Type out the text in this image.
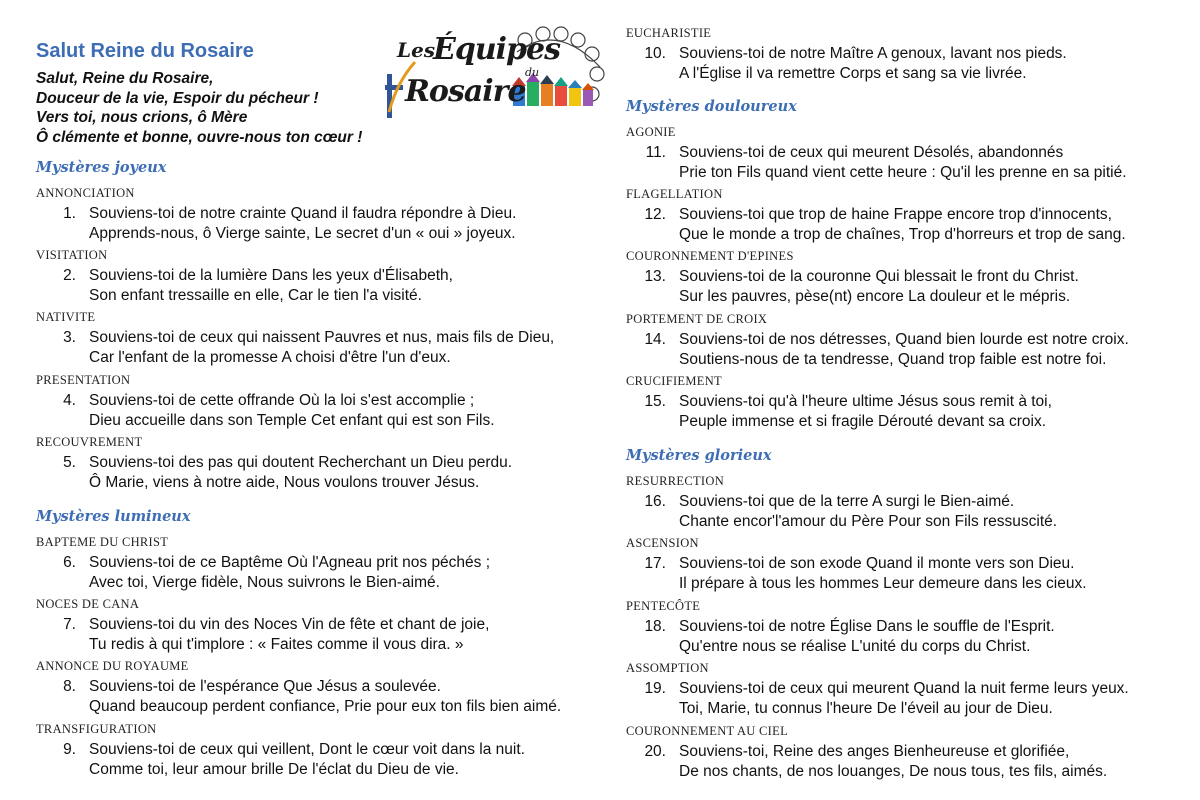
Salut Reine du Rosaire
Salut, Reine du Rosaire,
Douceur de la vie, Espoir du pécheur !
Vers toi, nous crions, ô Mère
Ô clémente et bonne, ouvre-nous ton cœur !
Les
Équipes
du
Rosaire
Mystères joyeux
ANNONCIATION
1. Souviens-toi de notre crainte Quand il faudra répondre à Dieu.
Apprends-nous, ô Vierge sainte, Le secret d'un « oui » joyeux.
VISITATION
2. Souviens-toi de la lumière Dans les yeux d'Élisabeth,
Son enfant tressaille en elle, Car le tien l'a visité.
NATIVITE
3. Souviens-toi de ceux qui naissent Pauvres et nus, mais fils de Dieu,
Car l'enfant de la promesse A choisi d'être l'un d'eux.
PRESENTATION
4. Souviens-toi de cette offrande Où la loi s'est accomplie ;
Dieu accueille dans son Temple Cet enfant qui est son Fils.
RECOUVREMENT
5. Souviens-toi des pas qui doutent Recherchant un Dieu perdu.
Ô Marie, viens à notre aide, Nous voulons trouver Jésus.
Mystères lumineux
BAPTEME DU CHRIST
6. Souviens-toi de ce Baptême Où l'Agneau prit nos péchés ;
Avec toi, Vierge fidèle, Nous suivrons le Bien-aimé.
NOCES DE CANA
7. Souviens-toi du vin des Noces Vin de fête et chant de joie,
Tu redis à qui t'implore : « Faites comme il vous dira. »
ANNONCE DU ROYAUME
8. Souviens-toi de l'espérance Que Jésus a soulevée.
Quand beaucoup perdent confiance, Prie pour eux ton fils bien aimé.
TRANSFIGURATION
9. Souviens-toi de ceux qui veillent, Dont le cœur voit dans la nuit.
Comme toi, leur amour brille De l'éclat du Dieu de vie.
EUCHARISTIE
10. Souviens-toi de notre Maître A genoux, lavant nos pieds.
A l'Église il va remettre Corps et sang sa vie livrée.
Mystères douloureux
AGONIE
11. Souviens-toi de ceux qui meurent Désolés, abandonnés
Prie ton Fils quand vient cette heure : Qu'il les prenne en sa pitié.
FLAGELLATION
12. Souviens-toi que trop de haine Frappe encore trop d'innocents,
Que le monde a trop de chaînes, Trop d'horreurs et trop de sang.
COURONNEMENT D'EPINES
13. Souviens-toi de la couronne Qui blessait le front du Christ.
Sur les pauvres, pèse(nt) encore La douleur et le mépris.
PORTEMENT DE CROIX
14. Souviens-toi de nos détresses, Quand bien lourde est notre croix.
Soutiens-nous de ta tendresse, Quand trop faible est notre foi.
CRUCIFIEMENT
15. Souviens-toi qu'à l'heure ultime Jésus sous remit à toi,
Peuple immense et si fragile Dérouté devant sa croix.
Mystères glorieux
RESURRECTION
16. Souviens-toi que de la terre A surgi le Bien-aimé.
Chante encor'l'amour du Père Pour son Fils ressuscité.
ASCENSION
17. Souviens-toi de son exode Quand il monte vers son Dieu.
Il prépare à tous les hommes Leur demeure dans les cieux.
PENTECÔTE
18. Souviens-toi de notre Église Dans le souffle de l'Esprit.
Qu'entre nous se réalise L'unité du corps du Christ.
ASSOMPTION
19. Souviens-toi de ceux qui meurent Quand la nuit ferme leurs yeux.
Toi, Marie, tu connus l'heure De l'éveil au jour de Dieu.
COURONNEMENT AU CIEL
20. Souviens-toi, Reine des anges Bienheureuse et glorifiée,
De nos chants, de nos louanges, De nous tous, tes fils, aimés.
